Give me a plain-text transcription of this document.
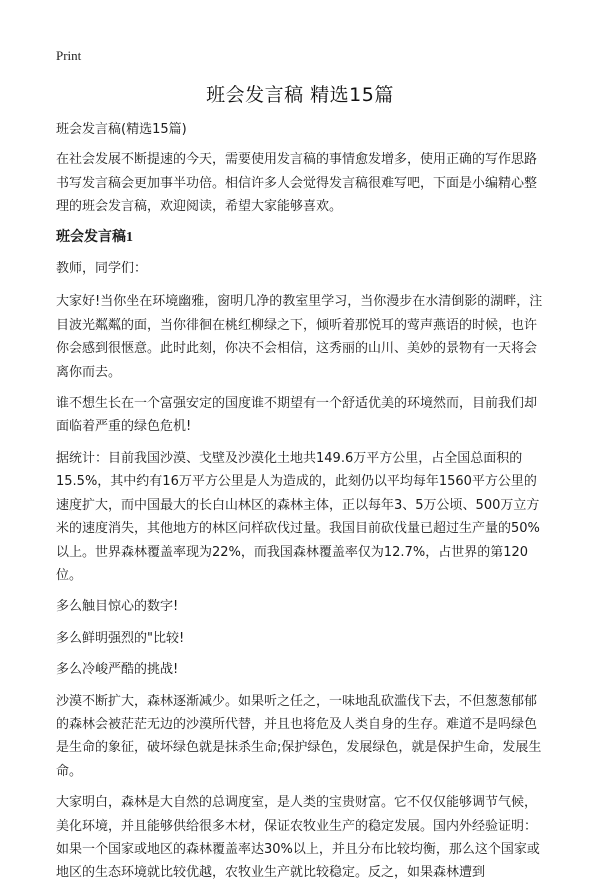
Print
班会发言稿 精选15篇

班会发言稿(精选15篇)

在社会发展不断提速的今天，需要使用发言稿的事情愈发增多，使用正确的写作思路书写发言稿会更加事半功倍。相信许多人会觉得发言稿很难写吧，下面是小编精心整理的班会发言稿，欢迎阅读，希望大家能够喜欢。

班会发言稿1

教师，同学们：

大家好!当你坐在环境幽雅，窗明几净的教室里学习，当你漫步在水清倒影的湖畔，注目波光粼粼的面，当你徘徊在桃红柳绿之下，倾听着那悦耳的莺声燕语的时候，也许你会感到很惬意。此时此刻，你决不会相信，这秀丽的山川、美妙的景物有一天将会离你而去。

谁不想生长在一个富强安定的国度谁不期望有一个舒适优美的环境然而，目前我们却面临着严重的绿色危机!

据统计：目前我国沙漠、戈壁及沙漠化土地共149.6万平方公里，占全国总面积的15.5%，其中约有16万平方公里是人为造成的，此刻仍以平均每年1560平方公里的速度扩大，而中国最大的长白山林区的森林主体，正以每年3、5万公顷、500万立方米的速度消失，其他地方的林区问样砍伐过量。我国目前砍伐量已超过生产量的50%以上。世界森林覆盖率现为22%，而我国森林覆盖率仅为12.7%，占世界的第120位。

多么触目惊心的数字!

多么鲜明强烈的"比较!

多么冷峻严酷的挑战!

沙漠不断扩大，森林逐渐减少。如果听之任之，一味地乱砍滥伐下去，不但葱葱郁郁的森林会被茫茫无边的沙漠所代替，并且也将危及人类自身的生存。难道不是吗绿色是生命的象征，破坏绿色就是抹杀生命;保护绿色，发展绿色，就是保护生命，发展生命。

大家明白，森林是大自然的总调度室，是人类的宝贵财富。它不仅仅能够调节气候，美化环境，并且能够供给很多木材，保证农牧业生产的稳定发展。国内外经验证明：如果一个国家或地区的森林覆盖率达30%以上，并且分布比较均衡，那么这个国家或地区的生态环境就比较优越，农牧业生产就比较稳定。反之，如果森林遭到
